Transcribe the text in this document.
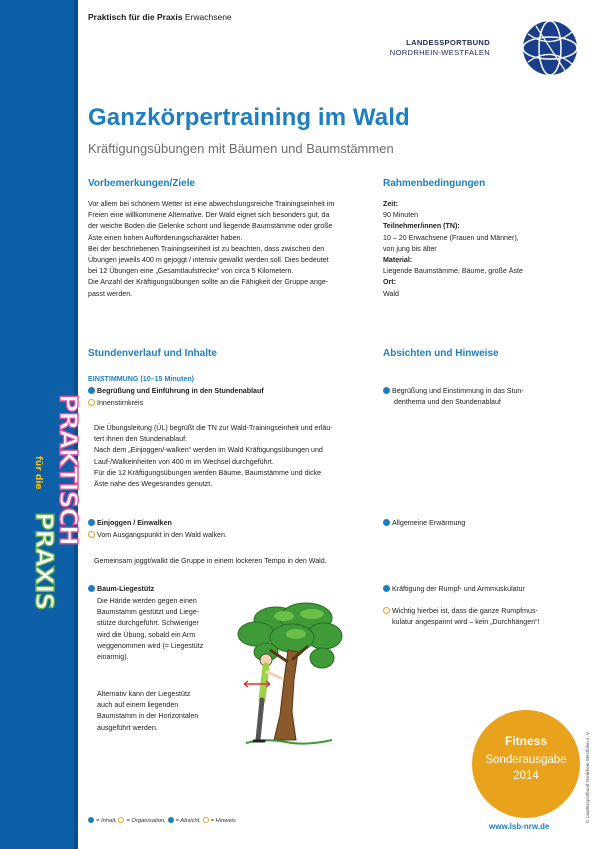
PRAKTISCH
für die
PRAXIS
Praktisch für die Praxis Erwachsene
LANDESSPORTBUND
NORDRHEIN-WESTFALEN
Ganzkörpertraining im Wald
Kräftigungsübungen mit Bäumen und Baumstämmen
Vorbemerkungen/Ziele	Rahmenbedingungen
Vor allem bei schönem Wetter ist eine abwechslungsreiche Trainingseinheit im
Freien eine willkommene Alternative. Der Wald eignet sich besonders gut, da
der weiche Boden die Gelenke schont und liegende Baumstämme oder große
Äste einen hohen Aufforderungscharakter haben.
Bei der beschriebenen Trainingseinheit ist zu beachten, dass zwischen den
Übungen jeweils 400 m gejoggt / intensiv gewalkt werden soll. Dies bedeutet
bei 12 Übungen eine „Gesamtlaufstrecke“ von circa 5 Kilometern.
Die Anzahl der Kräftigungsübungen sollte an die Fähigkeit der Gruppe ange-
passt werden.
Zeit:
90 Minuten
Teilnehmer/innen (TN):
10 – 20 Erwachsene (Frauen und Männer),
von jung bis älter
Material:
Liegende Baumstämme, Bäume, große Äste
Ort:
Wald
Stundenverlauf und Inhalte	Absichten und Hinweise
EINSTIMMUNG (10–15 Minuten)
Begrüßung und Einführung in den Stundenablauf
Innenstirnkreis
Die Übungsleitung (ÜL) begrüßt die TN zur Wald-Trainingseinheit und erläu-
tert ihnen den Stundenablauf:
Nach dem „Einjoggen/-walken“ werden im Wald Kräftigungsübungen und
Lauf-/Walkeinheiten von 400 m im Wechsel durchgeführt.
Für die 12 Kräftigungsübungen werden Bäume, Baumstämme und dicke
Äste nahe des Wegesrandes genutzt.
Begrüßung und Einstimmung in das Stun-
denthema und den Stundenablauf
Einjoggen / Einwalken
Vom Ausgangspunkt in den Wald walken.
Gemeinsam joggt/walkt die Gruppe in einem lockeren Tempo in den Wald.
Allgemeine Erwärmung
Baum-Liegestütz
Die Hände werden gegen einen
Baumstamm gestützt und Liege-
stütze durchgeführt. Schwieriger
wird die Übung, sobald ein Arm
weggenommen wird (= Liegestütz
einarmig).
Alternativ kann der Liegestütz
auch auf einem liegenden
Baumstamm in der Horizontalen
ausgeführt werden.
Kräftigung der Rumpf- und Armmuskulatur
Wichtig hierbei ist, dass die ganze Rumpfmus-
kulatur angespannt wird – kein „Durchhängen“!
Fitness
Sonderausgabe
2014
= Inhalt, = Organisation, = Absicht, = Hinweis
www.lsb-nrw.de
© Landessportbund Nordrhein-Westfalen e. V.
